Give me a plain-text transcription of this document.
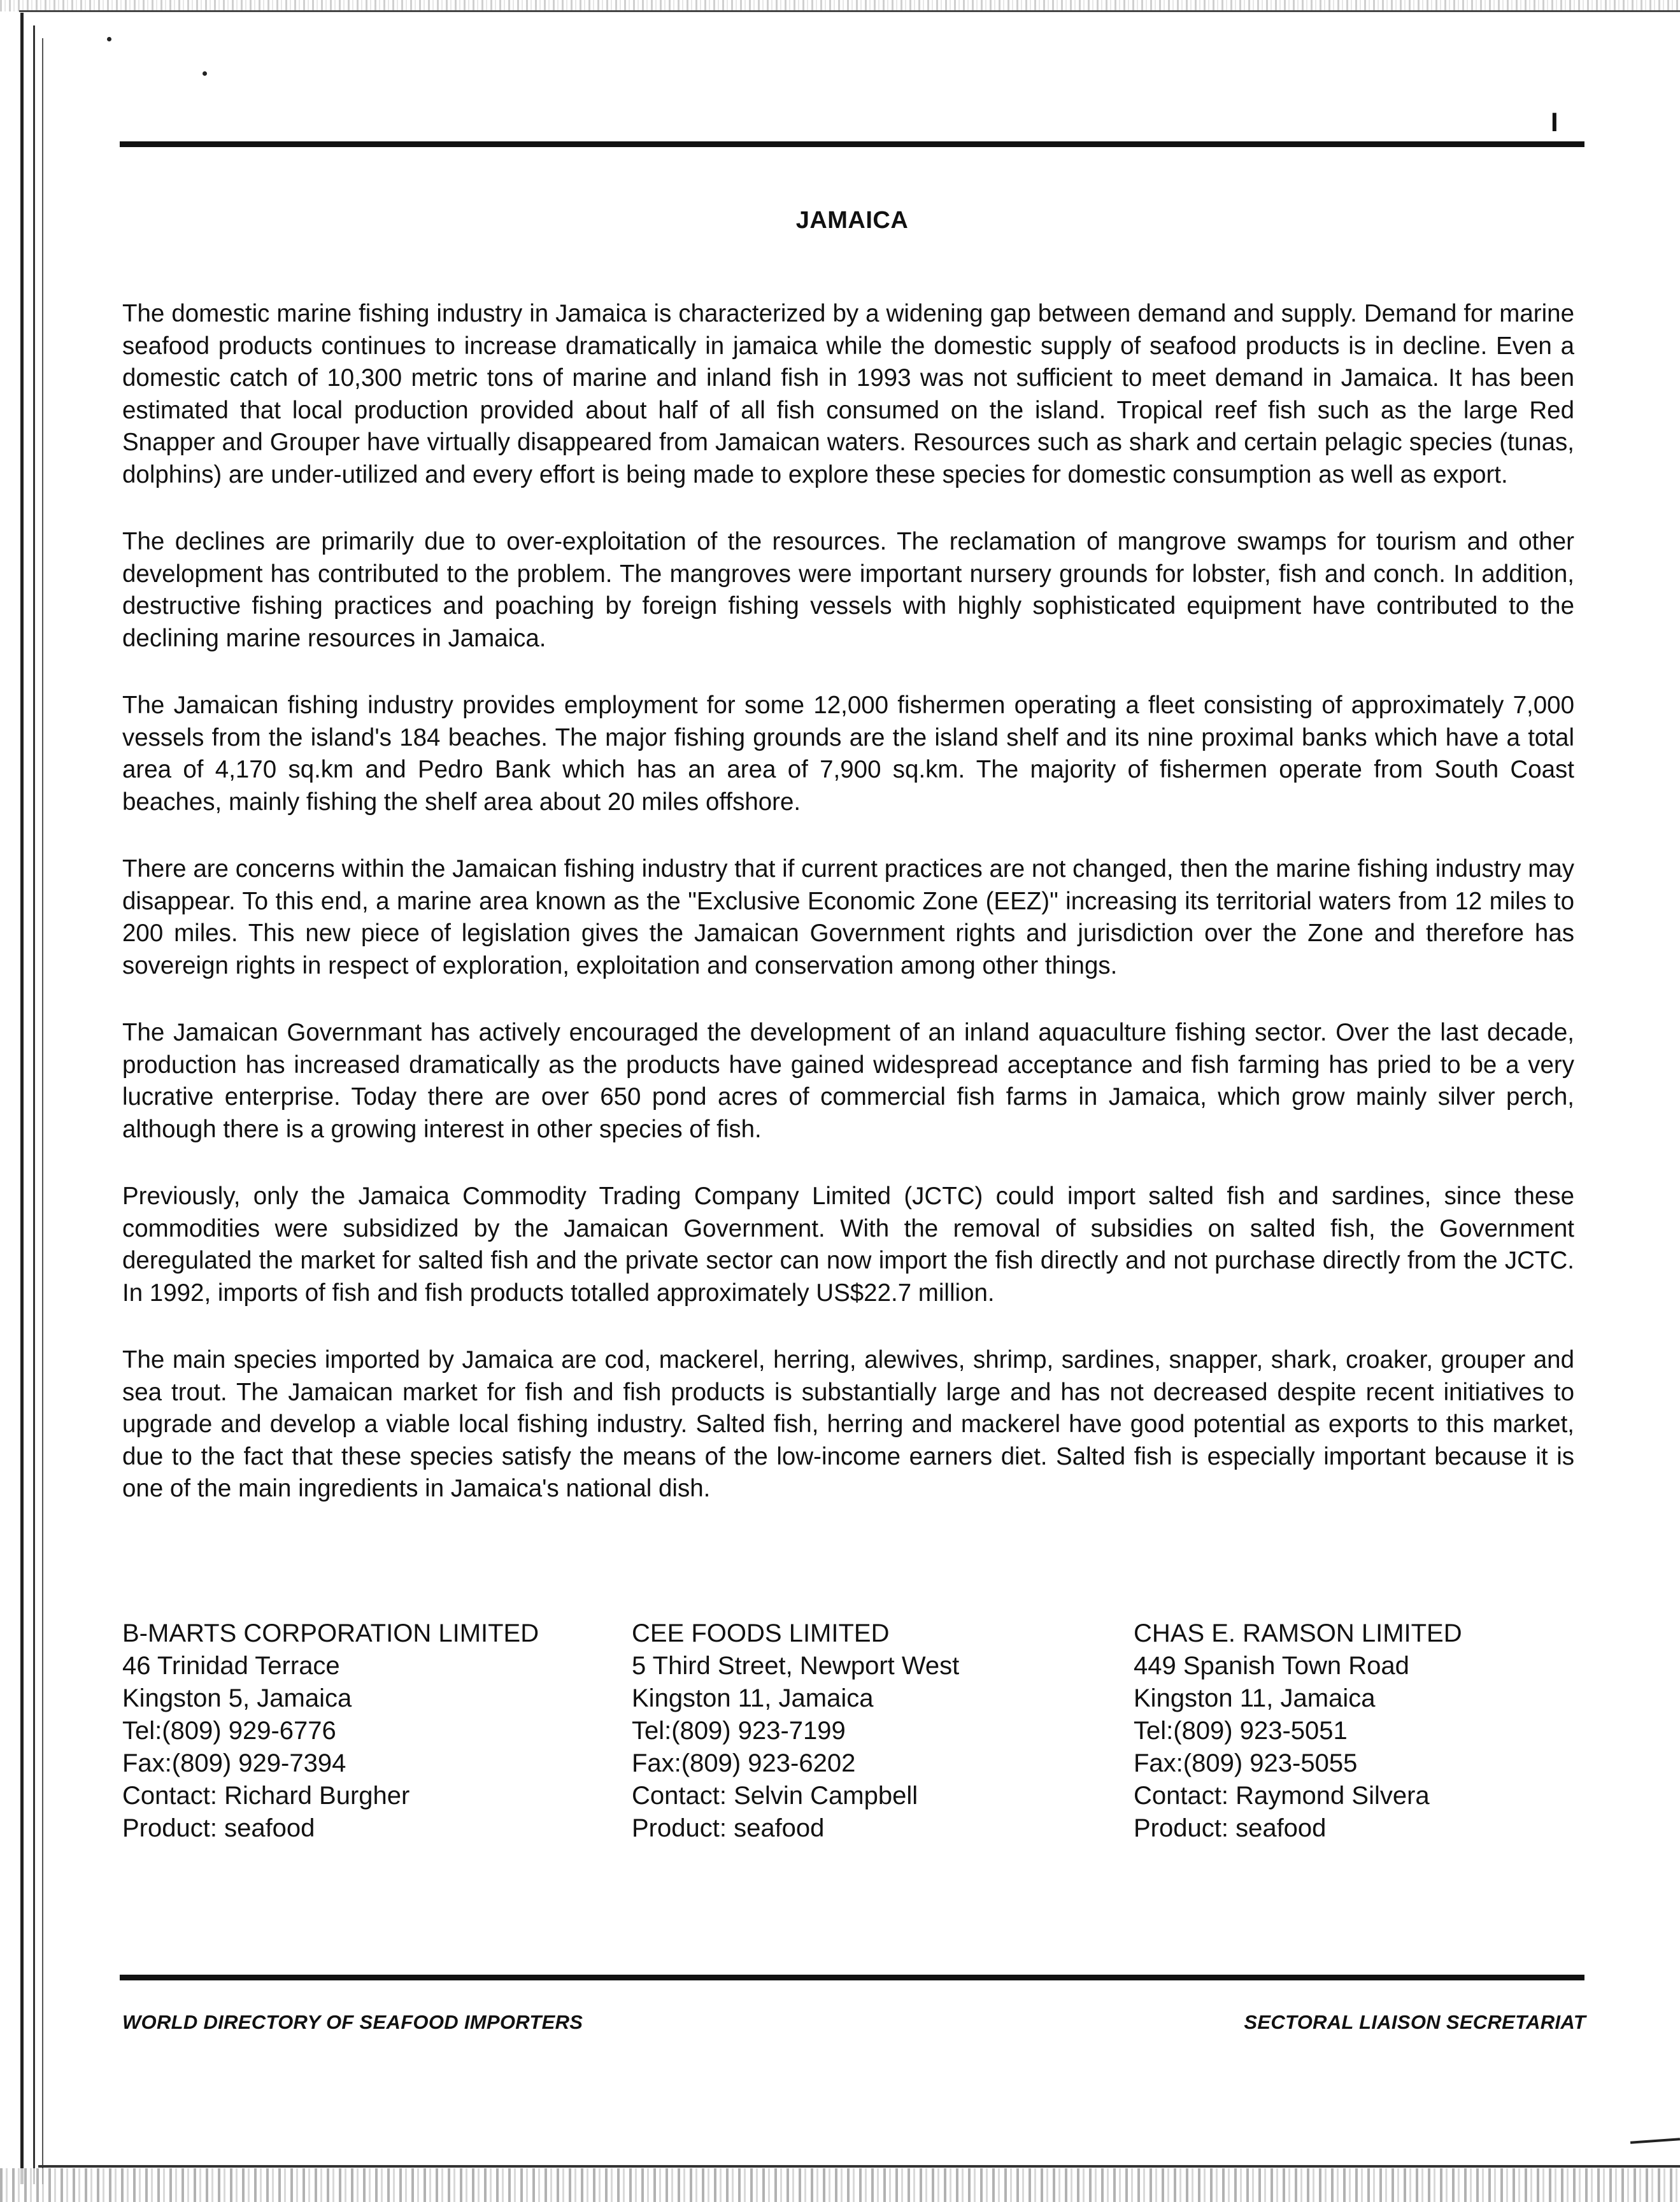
I
JAMAICA

The domestic marine fishing industry in Jamaica is characterized by a widening gap between demand and supply. Demand for marine seafood products continues to increase dramatically in jamaica while the domestic supply of seafood products is in decline. Even a domestic catch of 10,300 metric tons of marine and inland fish in 1993 was not sufficient to meet demand in Jamaica. It has been estimated that local production provided about half of all fish consumed on the island. Tropical reef fish such as the large Red Snapper and Grouper have virtually disappeared from Jamaican waters. Resources such as shark and certain pelagic species (tunas, dolphins) are under-utilized and every effort is being made to explore these species for domestic consumption as well as export.

The declines are primarily due to over-exploitation of the resources. The reclamation of mangrove swamps for tourism and other development has contributed to the problem. The mangroves were important nursery grounds for lobster, fish and conch. In addition, destructive fishing practices and poaching by foreign fishing vessels with highly sophisticated equipment have contributed to the declining marine resources in Jamaica.

The Jamaican fishing industry provides employment for some 12,000 fishermen operating a fleet consisting of approximately 7,000 vessels from the island's 184 beaches. The major fishing grounds are the island shelf and its nine proximal banks which have a total area of 4,170 sq.km and Pedro Bank which has an area of 7,900 sq.km. The majority of fishermen operate from South Coast beaches, mainly fishing the shelf area about 20 miles offshore.

There are concerns within the Jamaican fishing industry that if current practices are not changed, then the marine fishing industry may disappear. To this end, a marine area known as the "Exclusive Economic Zone (EEZ)" increasing its territorial waters from 12 miles to 200 miles. This new piece of legislation gives the Jamaican Government rights and jurisdiction over the Zone and therefore has sovereign rights in respect of exploration, exploitation and conservation among other things.

The Jamaican Governmant has actively encouraged the development of an inland aquaculture fishing sector. Over the last decade, production has increased dramatically as the products have gained widespread acceptance and fish farming has pried to be a very lucrative enterprise. Today there are over 650 pond acres of commercial fish farms in Jamaica, which grow mainly silver perch, although there is a growing interest in other species of fish.

Previously, only the Jamaica Commodity Trading Company Limited (JCTC) could import salted fish and sardines, since these commodities were subsidized by the Jamaican Government. With the removal of subsidies on salted fish, the Government deregulated the market for salted fish and the private sector can now import the fish directly and not purchase directly from the JCTC. In 1992, imports of fish and fish products totalled approximately US$22.7 million.

The main species imported by Jamaica are cod, mackerel, herring, alewives, shrimp, sardines, snapper, shark, croaker, grouper and sea trout. The Jamaican market for fish and fish products is substantially large and has not decreased despite recent initiatives to upgrade and develop a viable local fishing industry. Salted fish, herring and mackerel have good potential as exports to this market, due to the fact that these species satisfy the means of the low-income earners diet. Salted fish is especially important because it is one of the main ingredients in Jamaica's national dish.

B-MARTS CORPORATION LIMITED
46 Trinidad Terrace
Kingston 5, Jamaica
Tel:(809) 929-6776
Fax:(809) 929-7394
Contact: Richard Burgher
Product: seafood
CEE FOODS LIMITED
5 Third Street, Newport West
Kingston 11, Jamaica
Tel:(809) 923-7199
Fax:(809) 923-6202
Contact: Selvin Campbell
Product: seafood
CHAS E. RAMSON LIMITED
449 Spanish Town Road
Kingston 11, Jamaica
Tel:(809) 923-5051
Fax:(809) 923-5055
Contact: Raymond Silvera
Product: seafood
WORLD DIRECTORY OF SEAFOOD IMPORTERS	SECTORAL LIAISON SECRETARIAT
